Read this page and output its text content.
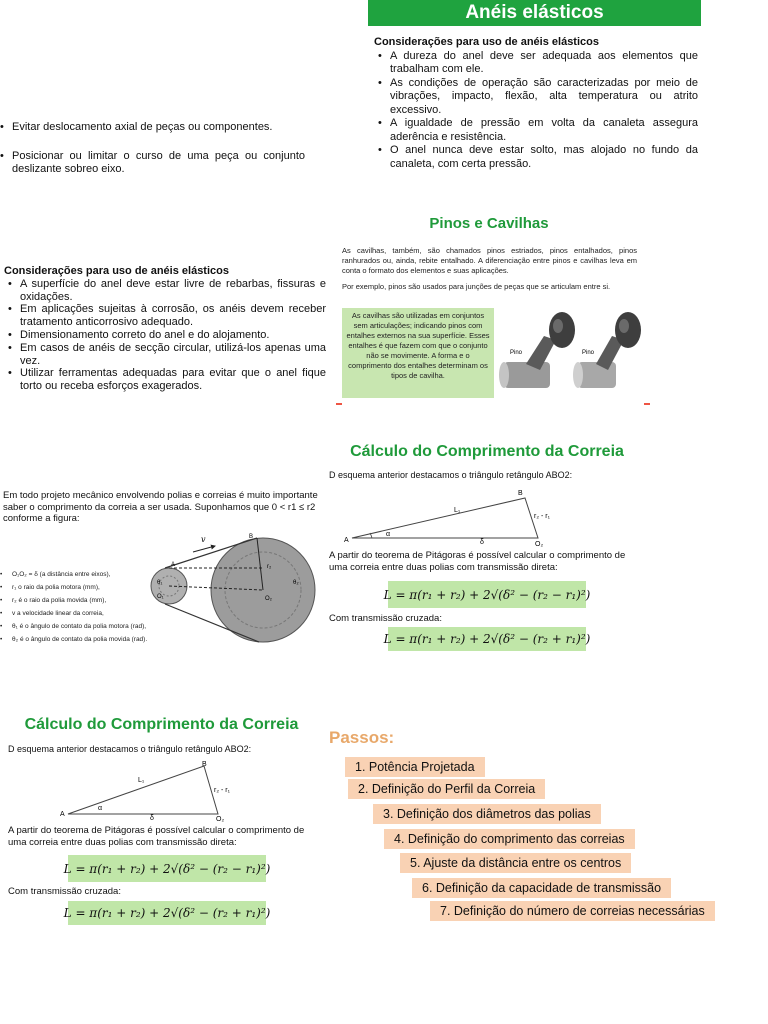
Anéis elásticos
Considerações para uso de anéis elásticos
• A dureza do anel deve ser adequada aos elementos que trabalham com ele.
• As condições de operação são caracterizadas por meio de vibrações, impacto, flexão, alta temperatura ou atrito excessivo.
• A igualdade de pressão em volta da canaleta assegura aderência e resistência.
• O anel nunca deve estar solto, mas alojado no fundo da canaleta, com certa pressão.
• Evitar deslocamento axial de peças ou componentes.
• Posicionar ou limitar o curso de uma peça ou conjunto deslizante sobreo eixo.
Considerações para uso de anéis elásticos
• A superfície do anel deve estar livre de rebarbas, fissuras e oxidações.
• Em aplicações sujeitas à corrosão, os anéis devem receber tratamento anticorrosivo adequado.
• Dimensionamento correto do anel e do alojamento.
• Em casos de anéis de secção circular, utilizá-los apenas uma vez.
• Utilizar ferramentas adequadas para evitar que o anel fique torto ou receba esforços exagerados.
Pinos e Cavilhas
As cavilhas, também, são chamados pinos estriados, pinos entalhados, pinos ranhurados ou, ainda, rebite entalhado. A diferenciação entre pinos e cavilhas leva em conta o formato dos elementos e suas aplicações.
Por exemplo, pinos são usados para junções de peças que se articulam entre si.
As cavilhas são utilizadas em conjuntos sem articulações; indicando pinos com entalhes externos na sua superfície. Esses entalhes é que fazem com que o conjunto não se movimente. A forma e o comprimento dos entalhes determinam os tipos de cavilha.
Pino	Pino
Cálculo do Comprimento da Correia
D esquema anterior destacamos o triângulo retângulo ABO2:
A
B
O₂
L₁
r₂ - r₁
α
δ
A partir do teorema de Pitágoras é possível calcular o comprimento de uma correia entre duas polias com transmissão direta:
L = π(r₁ + r₂) + 2√(δ² − (r₂ − r₁)²)
Com transmissão cruzada:
L = π(r₁ + r₂) + 2√(δ² − (r₂ + r₁)²)
Em todo projeto mecânico envolvendo polias e correias é muito importante saber o comprimento da correia a ser usada. Suponhamos que 0 < r1 ≤ r2 conforme a figura:
• O₁O₂ = δ (a distância entre eixos),
• r₁ o raio da polia motora (mm),
• r₂ é o raio da polia movida (mm),
• v a velocidade linear da correia,
• θ₁ é o ângulo de contato da polia motora (rad),
• θ₂ é o ângulo de contato da polia movida (rad).
v
A
B
O₁	O₂
r₂
θ₂
θ₁
Cálculo do Comprimento da Correia
D esquema anterior destacamos o triângulo retângulo ABO2:
A
B
O₂
L₁
r₂ - r₁
α
δ
A partir do teorema de Pitágoras é possível calcular o comprimento de uma correia entre duas polias com transmissão direta:
L = π(r₁ + r₂) + 2√(δ² − (r₂ − r₁)²)
Com transmissão cruzada:
L = π(r₁ + r₂) + 2√(δ² − (r₂ + r₁)²)
Passos:
1. Potência Projetada
2. Definição do Perfil da Correia
3. Definição dos diâmetros das polias
4. Definição do comprimento das correias
5. Ajuste da distância entre os centros
6. Definição da capacidade de transmissão
7. Definição do número de correias necessárias
